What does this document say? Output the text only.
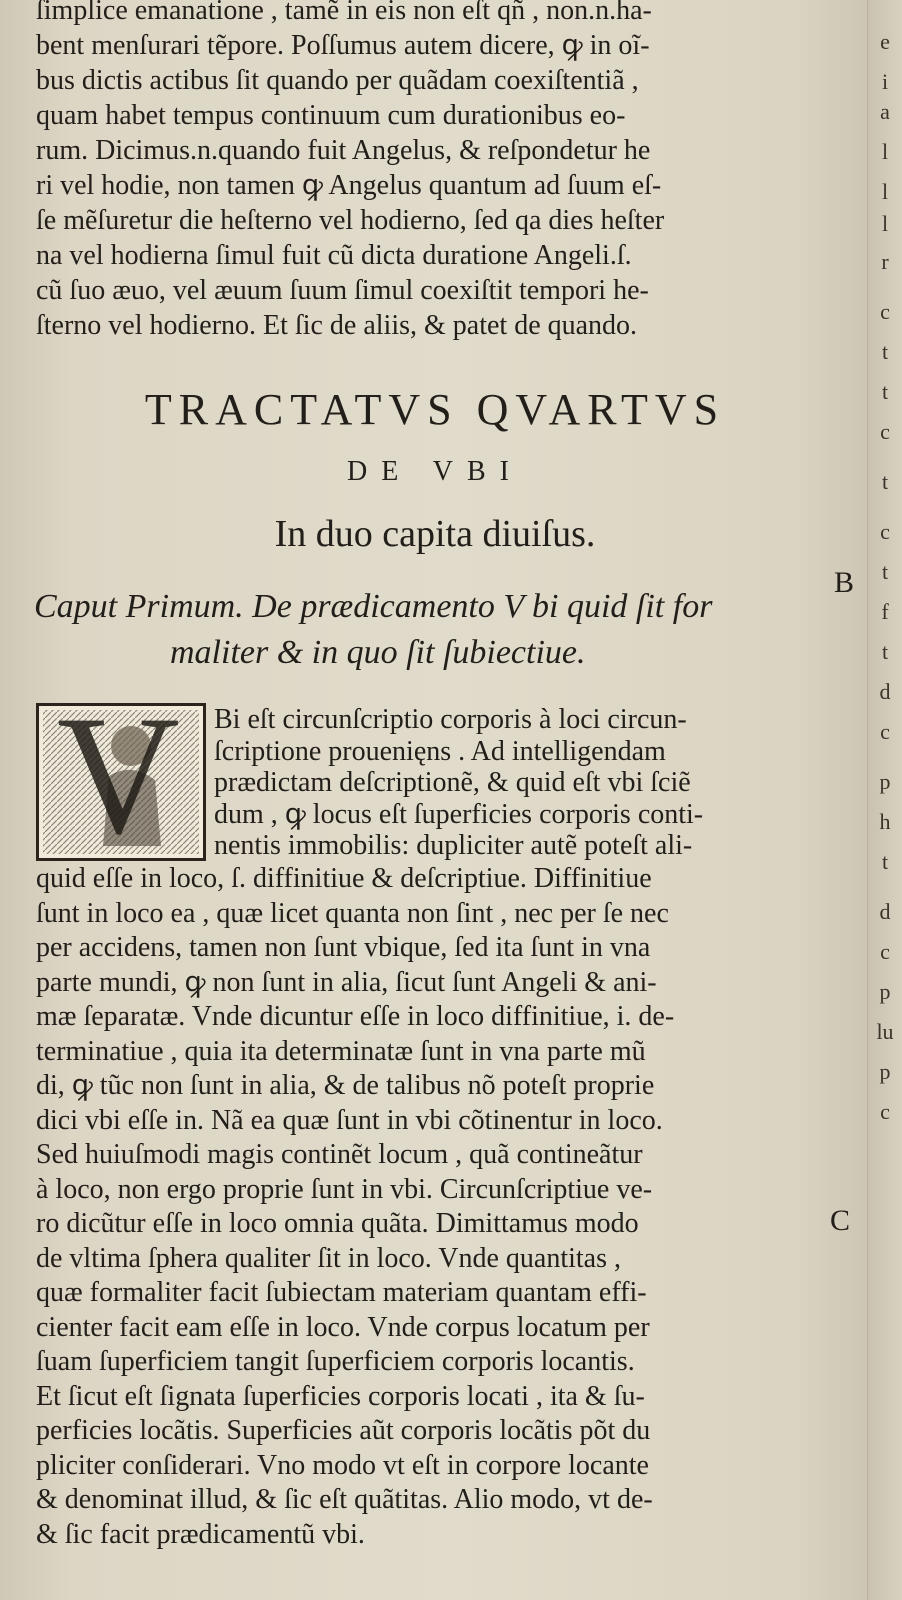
TRACTATVS QVARTVS
DE VBI
In duo capita diuiſus.

Caput Primum. De prædicamento V bi quid ſit for

maliter & in quo ſit ſubiectiue.

B

C

V

ſimplice emanatione , tamẽ in eis non eſt qñ , non.n.ha-

bent menſurari tẽpore. Poſſumus autem dicere, ꝙ in oĩ-

bus dictis actibus ſit quando per quãdam coexiſtentiã ,

quam habet tempus continuum cum durationibus eo-

rum. Dicimus.n.quando fuit Angelus, & reſpondetur he

ri vel hodie, non tamen ꝙ Angelus quantum ad ſuum eſ-

ſe mẽſuretur die heſterno vel hodierno, ſed qa dies heſter

na vel hodierna ſimul fuit cũ dicta duratione Angeli.ſ.

cũ ſuo æuo, vel æuum ſuum ſimul coexiſtit tempori he-

ſterno vel hodierno. Et ſic de aliis, & patet de quando.

Bi eſt circunſcriptio corporis à loci circun-

ſcriptione prouenięns . Ad intelligendam

prædictam deſcriptionẽ, & quid eſt vbi ſciẽ

dum , ꝙ locus eſt ſuperficies corporis conti-

nentis immobilis: dupliciter autẽ poteſt ali-

quid eſſe in loco, ſ. diffinitiue & deſcriptiue. Diffinitiue

ſunt in loco ea , quæ licet quanta non ſint , nec per ſe nec

per accidens, tamen non ſunt vbique, ſed ita ſunt in vna

parte mundi, ꝙ non ſunt in alia, ſicut ſunt Angeli & ani-

mæ ſeparatæ. Vnde dicuntur eſſe in loco diffinitiue, i. de-

terminatiue , quia ita determinatæ ſunt in vna parte mũ

di, ꝙ tũc non ſunt in alia, & de talibus nõ poteſt proprie

dici vbi eſſe in. Nã ea quæ ſunt in vbi cõtinentur in loco.

Sed huiuſmodi magis continẽt locum , quã contineãtur

à loco, non ergo proprie ſunt in vbi. Circunſcriptiue ve-

ro dicũtur eſſe in loco omnia quãta. Dimittamus modo

de vltima ſphera qualiter ſit in loco. Vnde quantitas ,

quæ formaliter facit ſubiectam materiam quantam effi-

cienter facit eam eſſe in loco. Vnde corpus locatum per

ſuam ſuperficiem tangit ſuperficiem corporis locantis.

Et ſicut eſt ſignata ſuperficies corporis locati , ita & ſu-

perficies locãtis. Superficies aũt corporis locãtis põt du

pliciter conſiderari. Vno modo vt eſt in corpore locante

& denominat illud, & ſic eſt quãtitas. Alio modo, vt de-

& ſic facit prædicamentũ vbi.

e

i

a

l

l

l

r

c

t

t

c

t

c

t

f

t

d

c

p

h

t

d

c

p

lu

p

c
